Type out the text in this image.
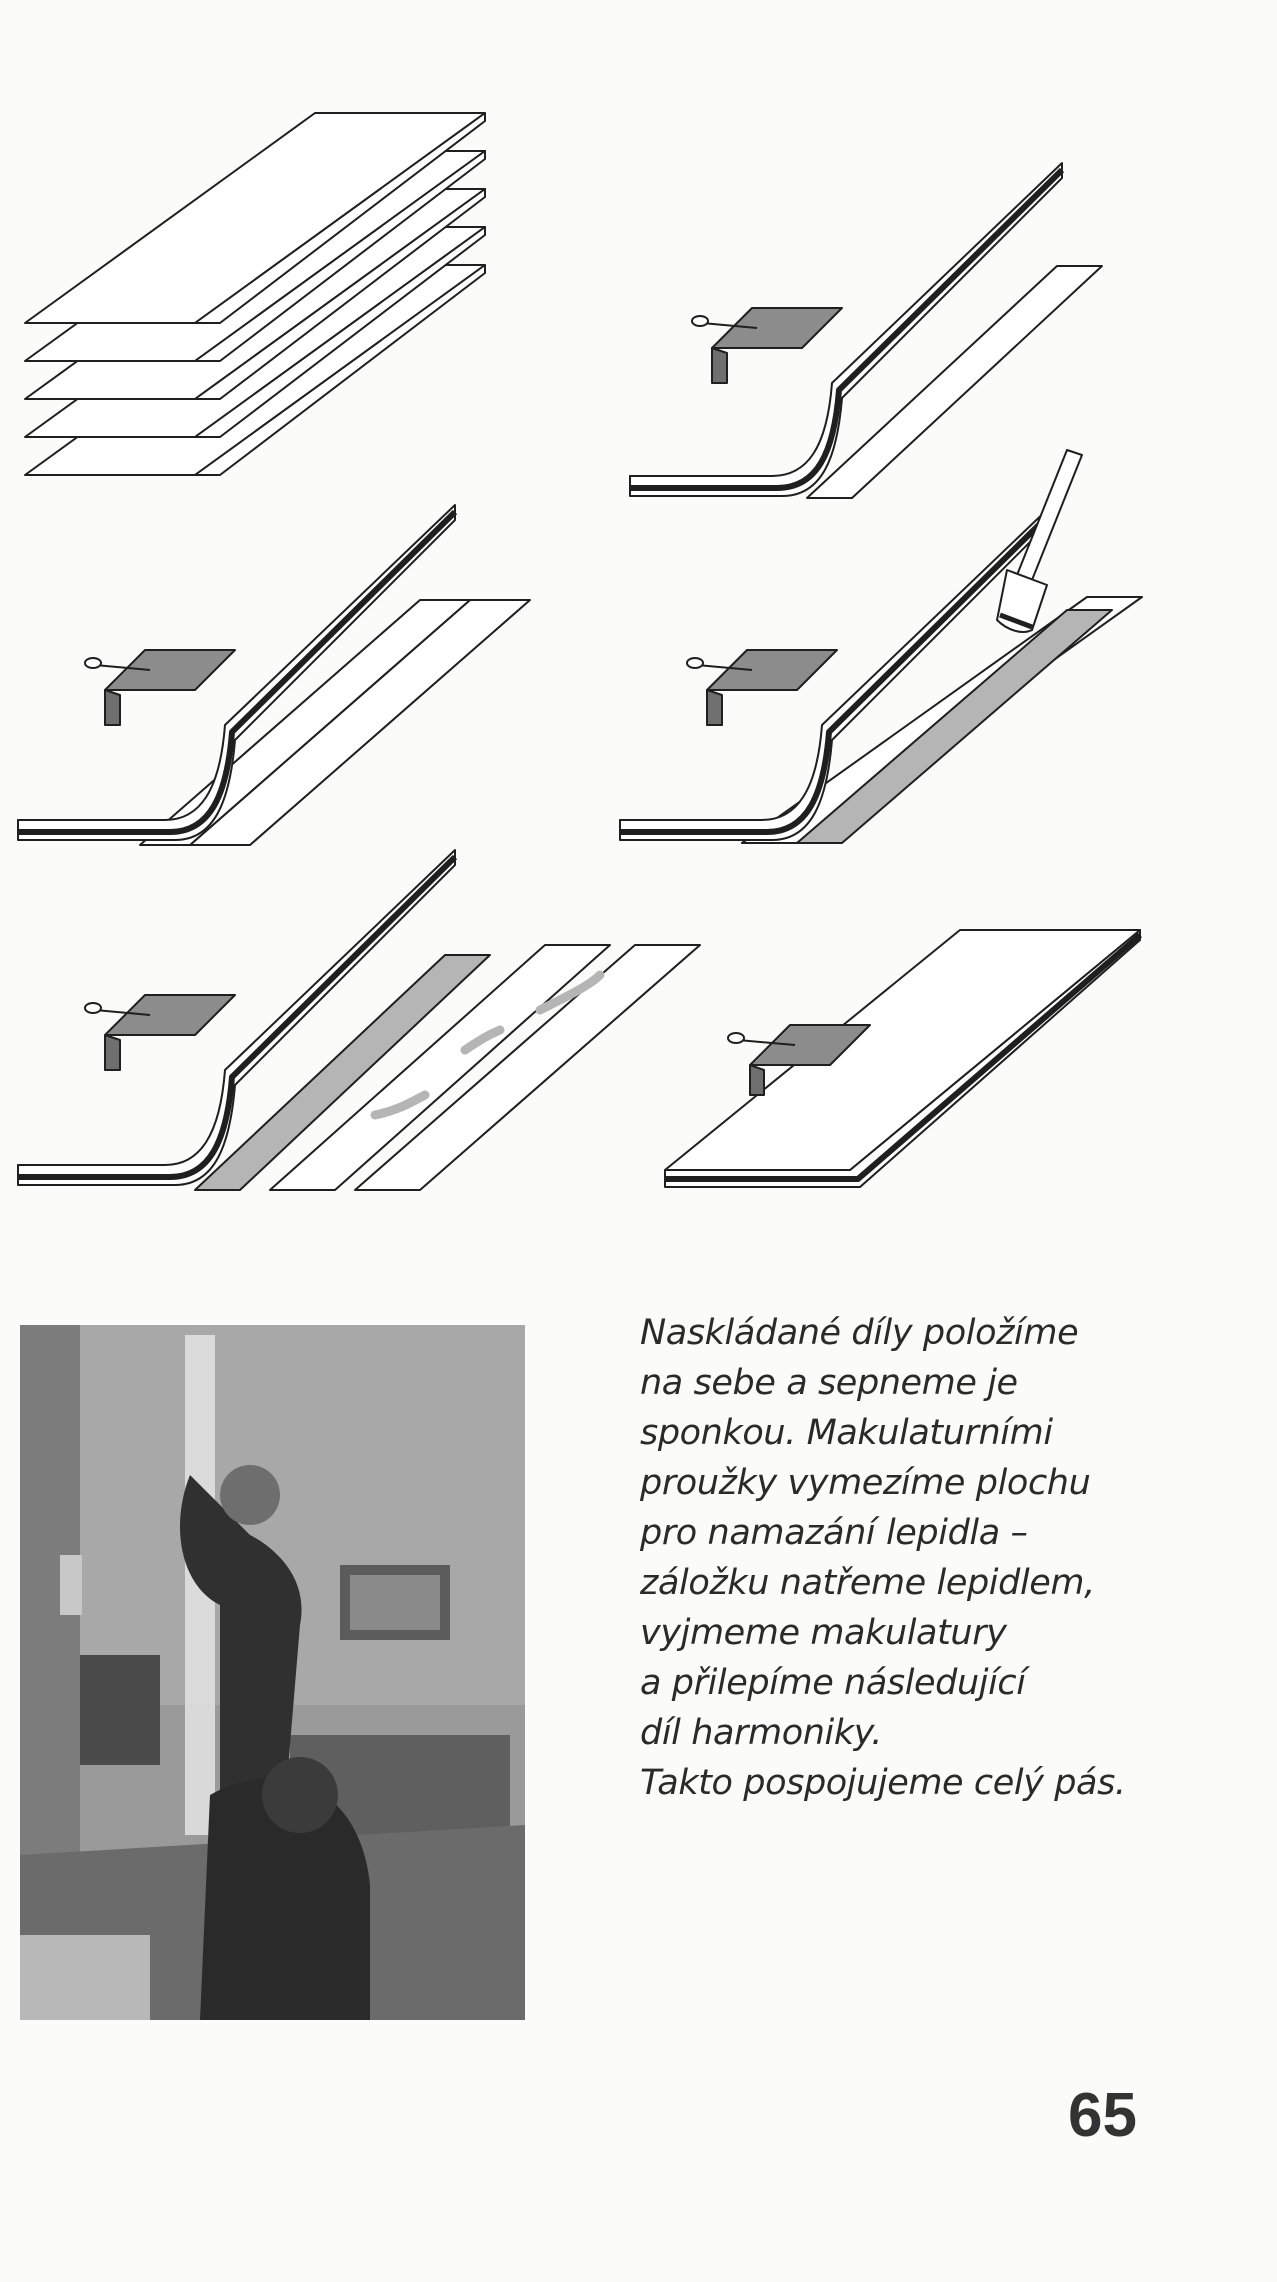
Naskládané díly položíme
na sebe a sepneme je
sponkou. Makulaturními
proužky vymezíme plochu
pro namazání lepidla –
záložku natřeme lepidlem,
vyjmeme makulatury
a přilepíme následující
díl harmoniky.
Takto pospojujeme celý pás.
65
